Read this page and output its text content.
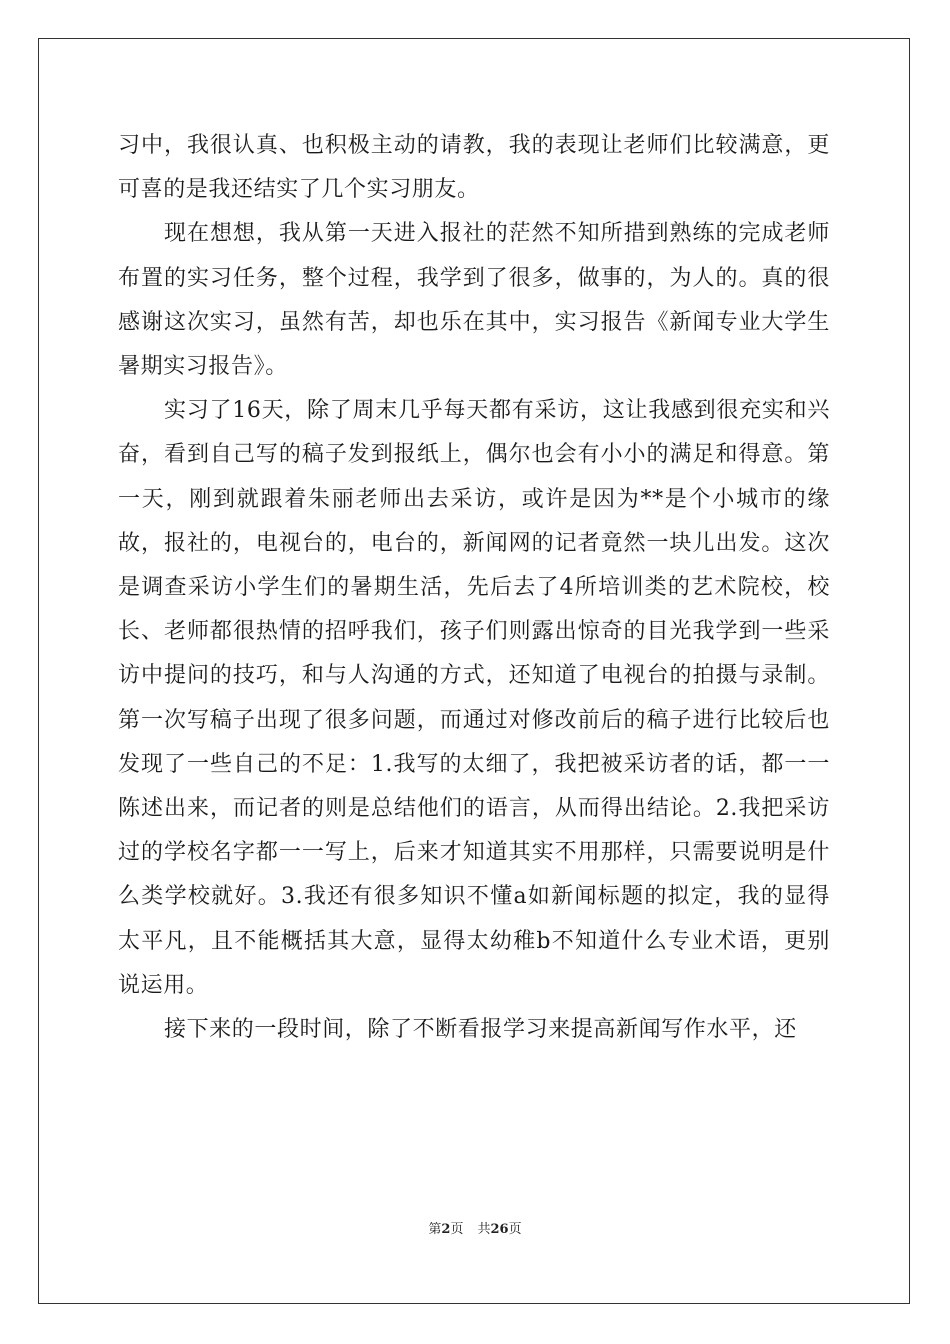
习中，我很认真、也积极主动的请教，我的表现让老师们比较满意，更可喜的是我还结实了几个实习朋友。

现在想想，我从第一天进入报社的茫然不知所措到熟练的完成老师布置的实习任务，整个过程，我学到了很多，做事的，为人的。真的很感谢这次实习，虽然有苦，却也乐在其中，实习报告《新闻专业大学生暑期实习报告》。

实习了16天，除了周末几乎每天都有采访，这让我感到很充实和兴奋，看到自己写的稿子发到报纸上，偶尔也会有小小的满足和得意。第一天，刚到就跟着朱丽老师出去采访，或许是因为**是个小城市的缘故，报社的，电视台的，电台的，新闻网的记者竟然一块儿出发。这次是调查采访小学生们的暑期生活，先后去了4所培训类的艺术院校，校长、老师都很热情的招呼我们，孩子们则露出惊奇的目光我学到一些采访中提问的技巧，和与人沟通的方式，还知道了电视台的拍摄与录制。第一次写稿子出现了很多问题，而通过对修改前后的稿子进行比较后也发现了一些自己的不足：1.我写的太细了，我把被采访者的话，都一一陈述出来，而记者的则是总结他们的语言，从而得出结论。2.我把采访过的学校名字都一一写上，后来才知道其实不用那样，只需要说明是什么类学校就好。3.我还有很多知识不懂a如新闻标题的拟定，我的显得太平凡，且不能概括其大意，显得太幼稚b不知道什么专业术语，更别说运用。

接下来的一段时间，除了不断看报学习来提高新闻写作水平，还

第2页 共26页
